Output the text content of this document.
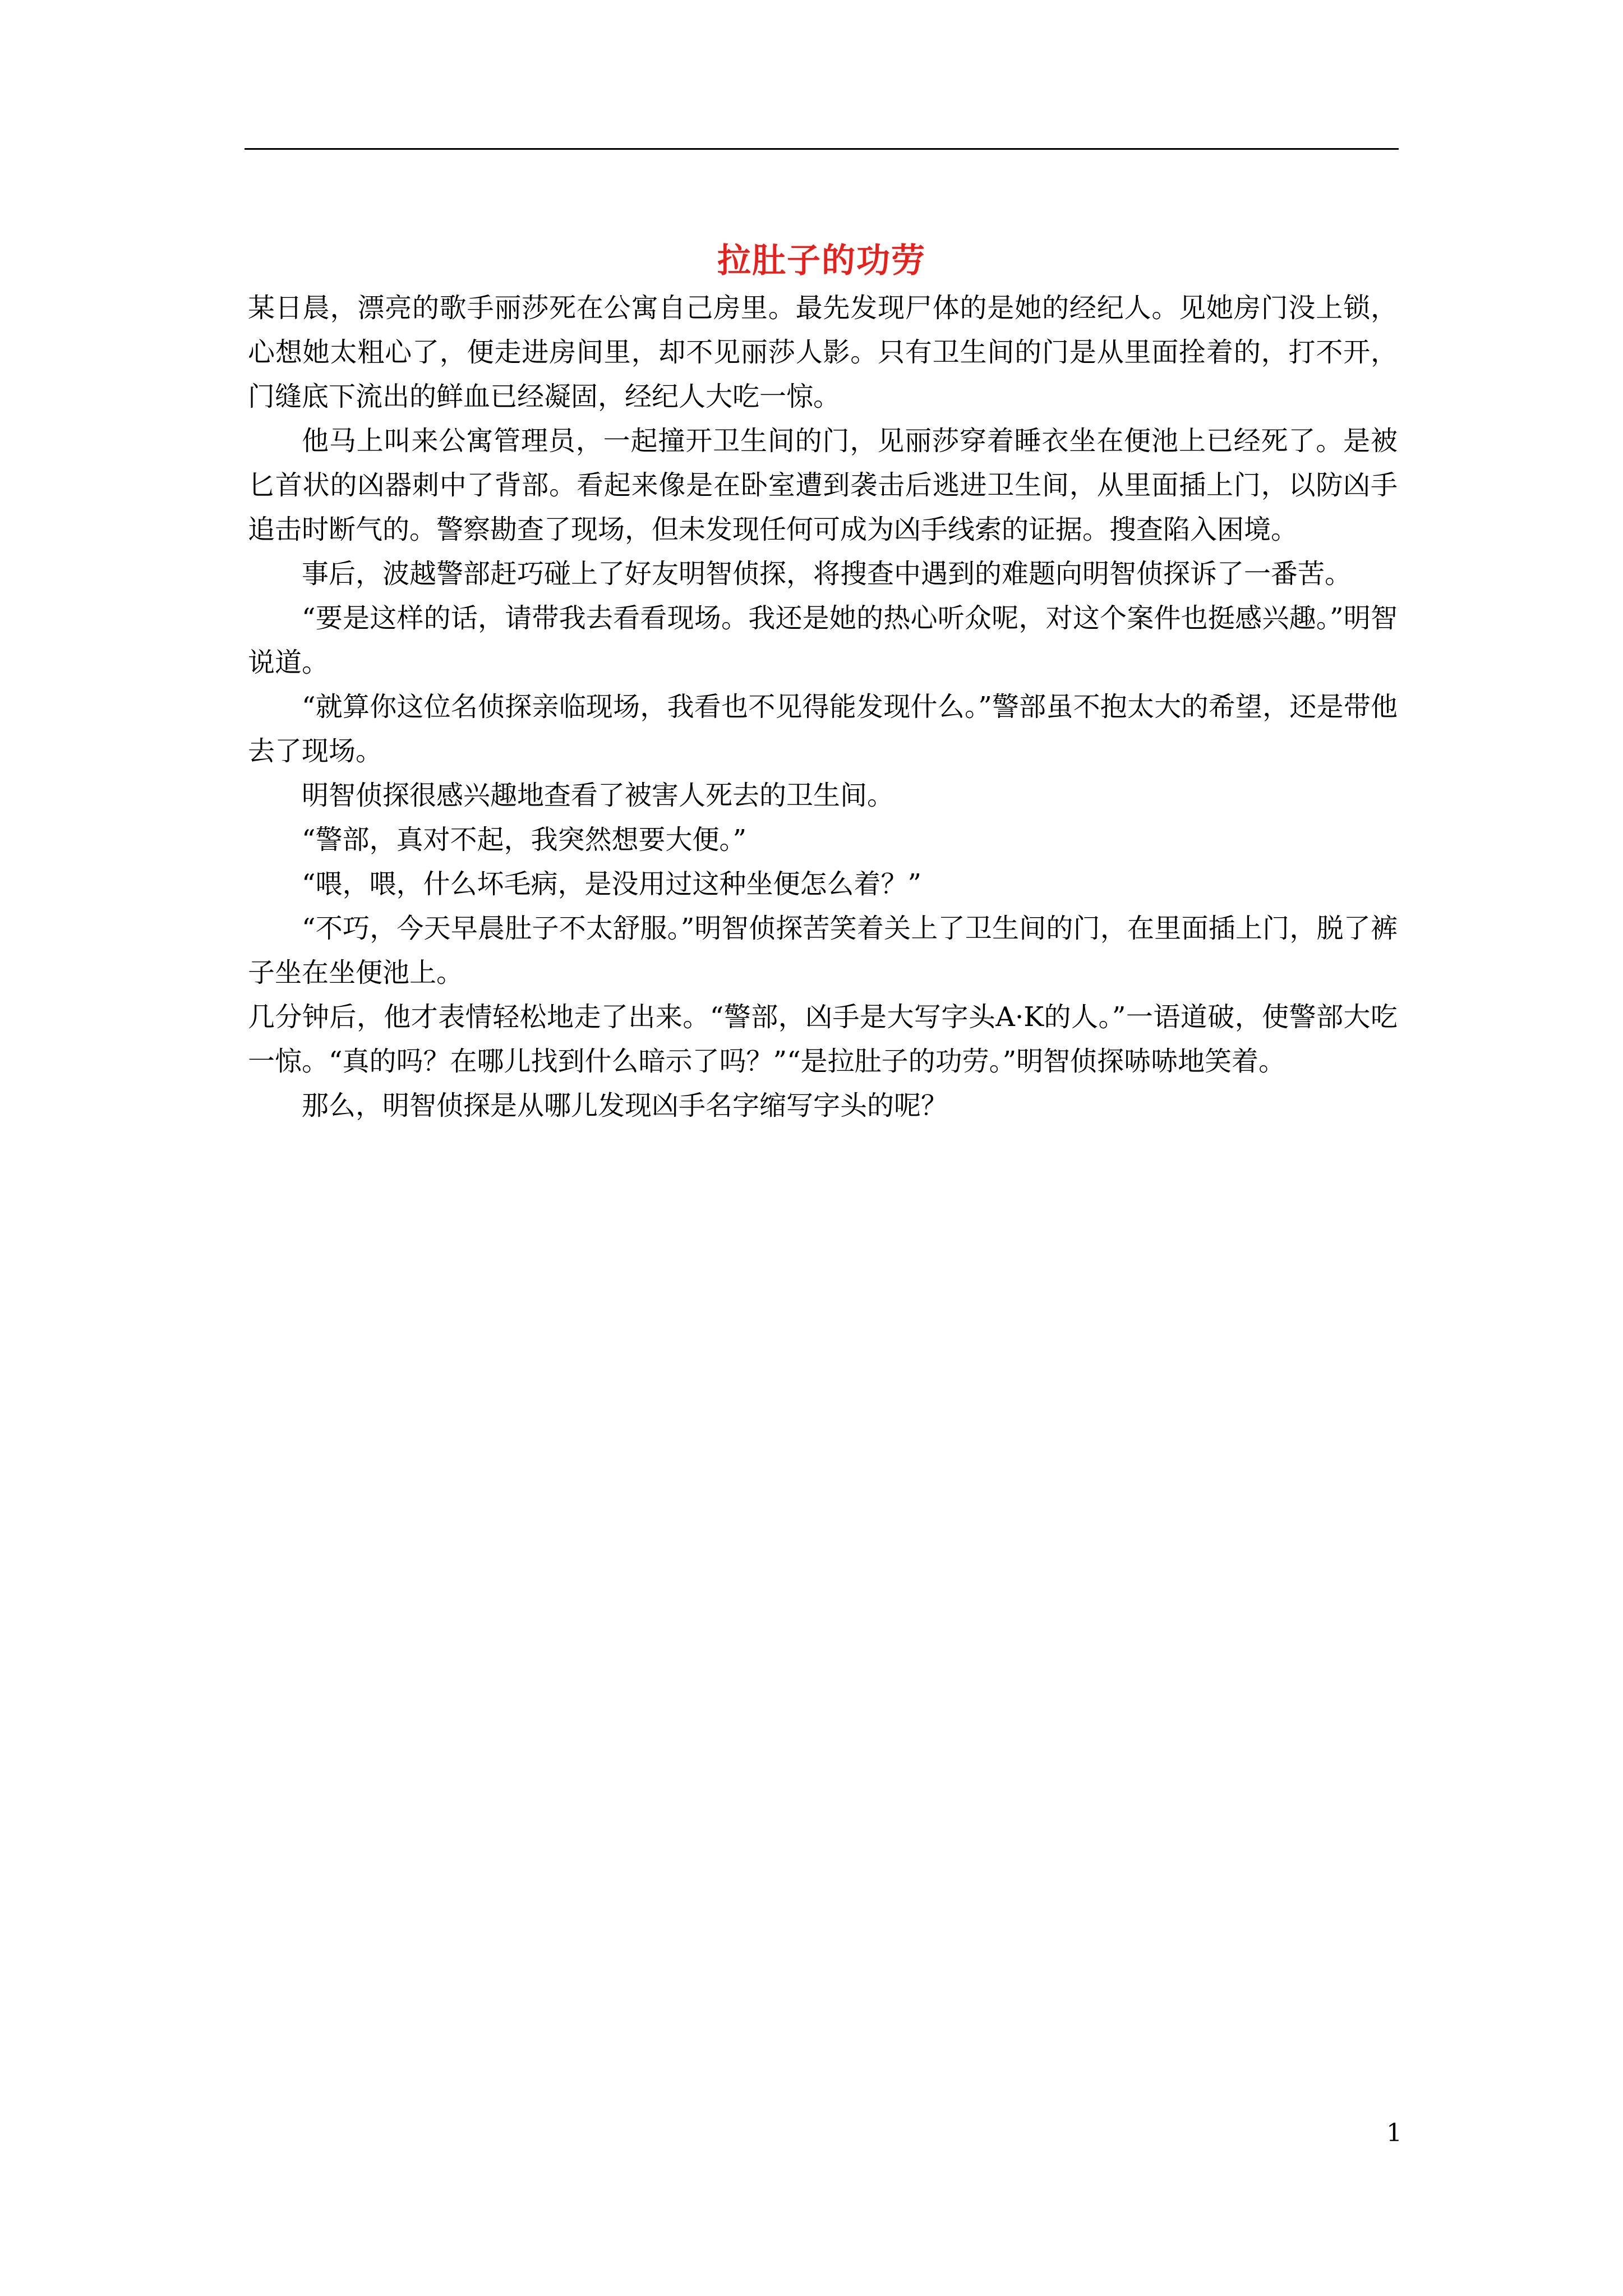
拉肚子的功劳

某日晨，漂亮的歌手丽莎死在公寓自己房里。最先发现尸体的是她的经纪人。见她房门没上锁，心想她太粗心了，便走进房间里，却不见丽莎人影。只有卫生间的门是从里面拴着的，打不开，门缝底下流出的鲜血已经凝固，经纪人大吃一惊。

他马上叫来公寓管理员，一起撞开卫生间的门，见丽莎穿着睡衣坐在便池上已经死了。是被匕首状的凶器刺中了背部。看起来像是在卧室遭到袭击后逃进卫生间，从里面插上门，以防凶手追击时断气的。警察勘查了现场，但未发现任何可成为凶手线索的证据。搜查陷入困境。

事后，波越警部赶巧碰上了好友明智侦探，将搜查中遇到的难题向明智侦探诉了一番苦。

“要是这样的话，请带我去看看现场。我还是她的热心听众呢，对这个案件也挺感兴趣。”明智说道。

“就算你这位名侦探亲临现场，我看也不见得能发现什么。”警部虽不抱太大的希望，还是带他去了现场。

明智侦探很感兴趣地查看了被害人死去的卫生间。

“警部，真对不起，我突然想要大便。”

“喂，喂，什么坏毛病，是没用过这种坐便怎么着？”

“不巧，今天早晨肚子不太舒服。”明智侦探苦笑着关上了卫生间的门，在里面插上门，脱了裤子坐在坐便池上。

几分钟后，他才表情轻松地走了出来。“警部，凶手是大写字头A·K的人。”一语道破，使警部大吃一惊。“真的吗？在哪儿找到什么暗示了吗？”“是拉肚子的功劳。”明智侦探哧哧地笑着。

那么，明智侦探是从哪儿发现凶手名字缩写字头的呢？

1
